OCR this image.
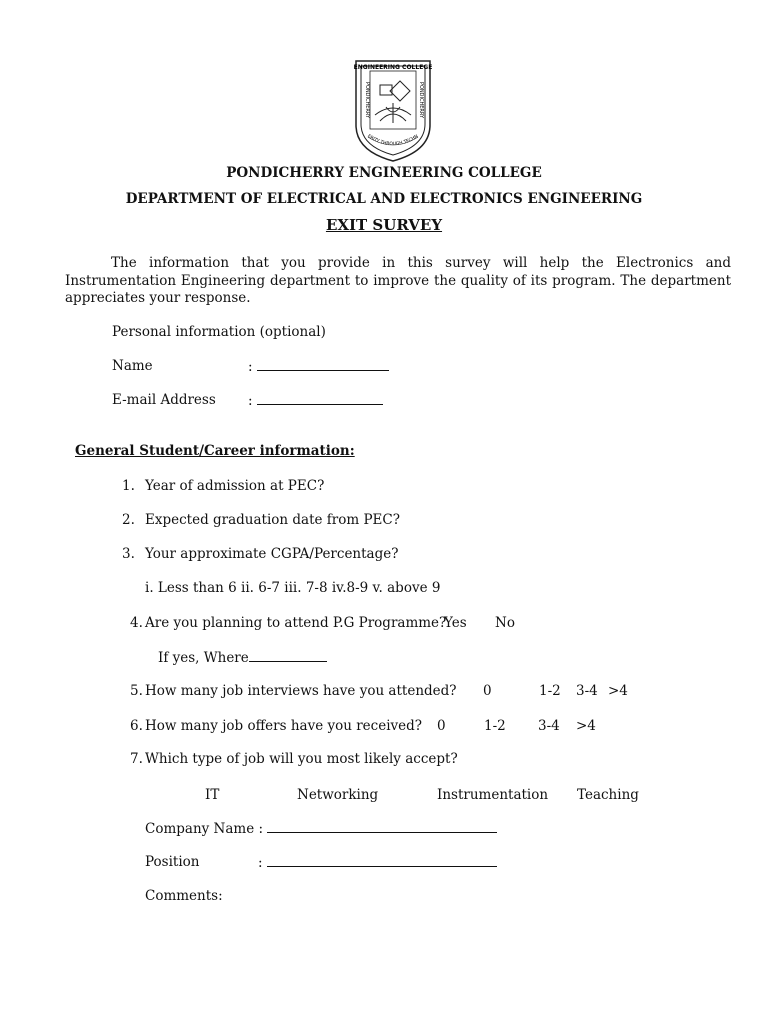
ENGINEERING COLLEGE
PONDICHERRY	PONDICHERRY
ERITY THROUGH TECHN
PONDICHERRY ENGINEERING COLLEGE
DEPARTMENT OF ELECTRICAL AND ELECTRONICS ENGINEERING
EXIT SURVEY
The information that you provide in this survey will help the Electronics and Instrumentation Engineering department to improve the quality of its program. The department appreciates your response.
Personal information (optional)
Name	:
E-mail Address :
General Student/Career information:
1. Year of admission at PEC?
2. Expected graduation date from PEC?
3. Your approximate CGPA/Percentage?
i. Less than 6 ii. 6-7 iii. 7-8 iv.8-9 v. above 9
4. Are you planning to attend P.G Programme?
Yes No
If yes, Where
5. How many job interviews have you attended? 0	1-2 3-4 >4
6. How many job offers have you received? 0	1-2 3-4 >4
7. Which type of job will you most likely accept?
IT	Networking	Instrumentation Teaching
Company Name :
Position	:
Comments:
